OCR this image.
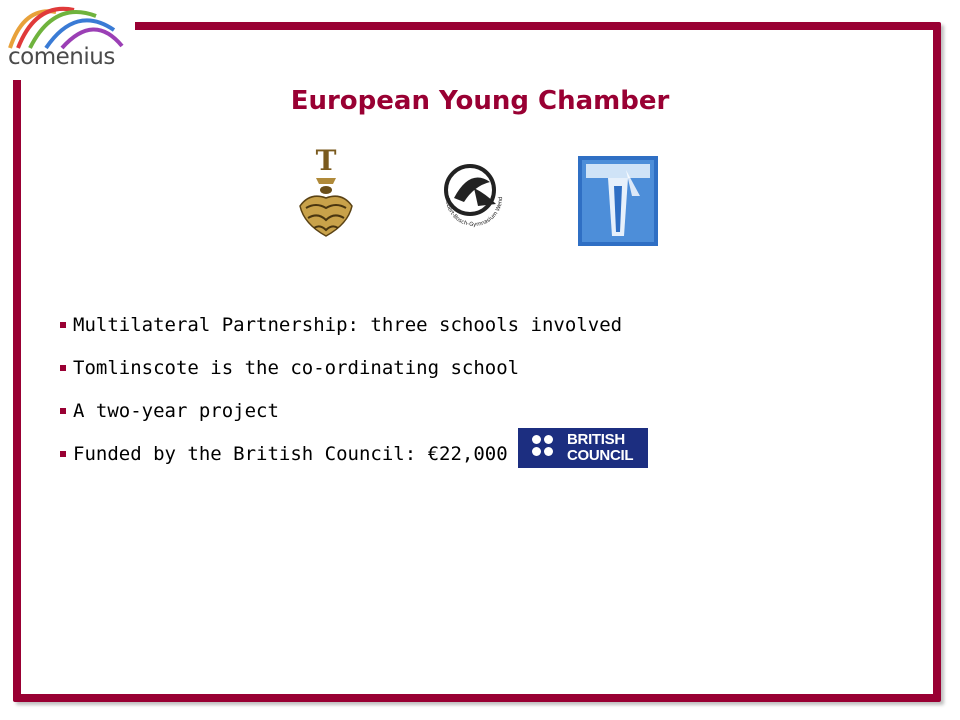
comenius
European Young Chamber
T
Robert-Bosch-Gymnasium Wend
Multilateral Partnership: three schools involved
Tomlinscote is the co-ordinating school
A two-year project
Funded by the British Council: €22,000
BRITISH
COUNCIL
